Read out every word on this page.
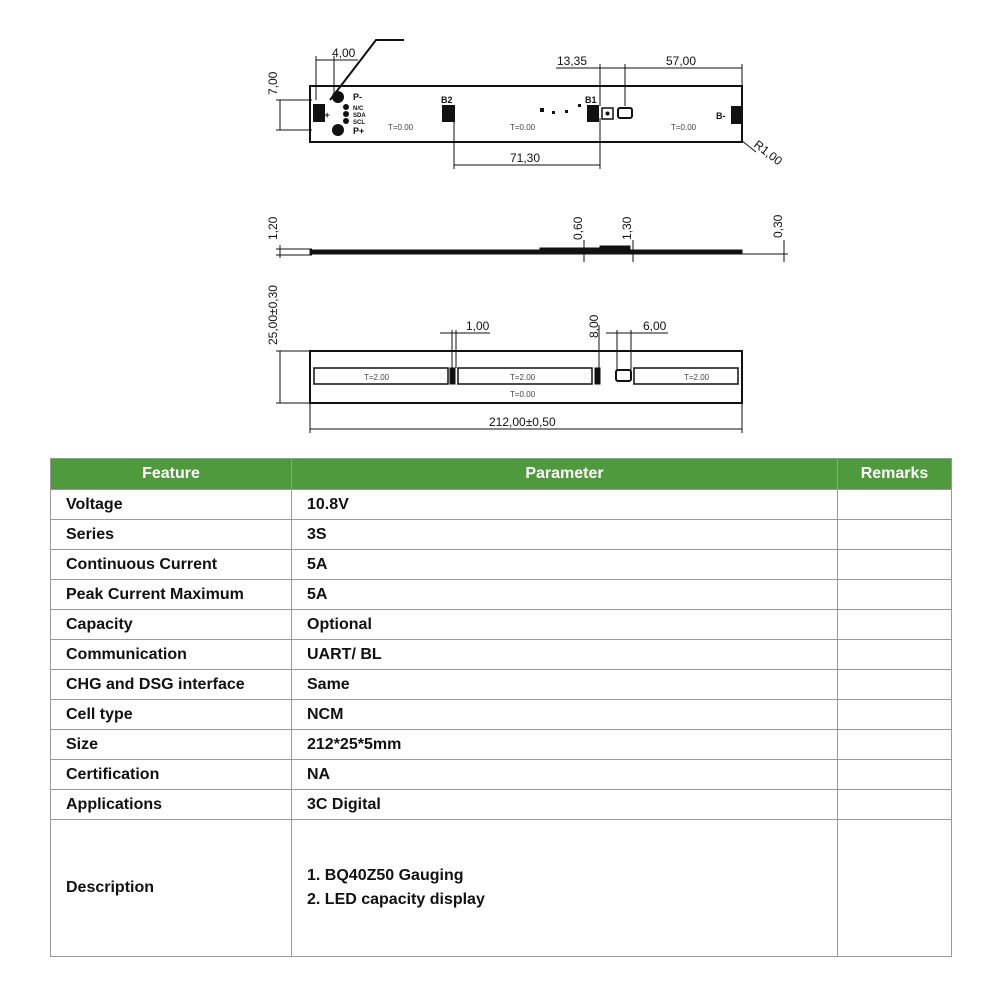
4,00
7,00
13,35	57,00
71,30	R1,00
P-
P+
B+	B-
B2	B1
N/C
SDA
SCL	T=0.00	T=0.00	T=0.00
1,20	0,60	1,30	0,30
25,00±0,30	1,00	8,00	6,00
212,00±0,50
T=2.00	T=2.00	T=2.00
T=0.00
Feature	Parameter	Remarks
Voltage	10.8V	
Series	3S	
Continuous Current	5A	
Peak Current Maximum	5A	
Capacity	Optional	
Communication	UART/ BL	
CHG and DSG interface	Same	
Cell type	NCM	
Size	212*25*5mm	
Certification	NA	
Applications	3C Digital	
Description	1. BQ40Z50 Gauging
2. LED capacity display	
